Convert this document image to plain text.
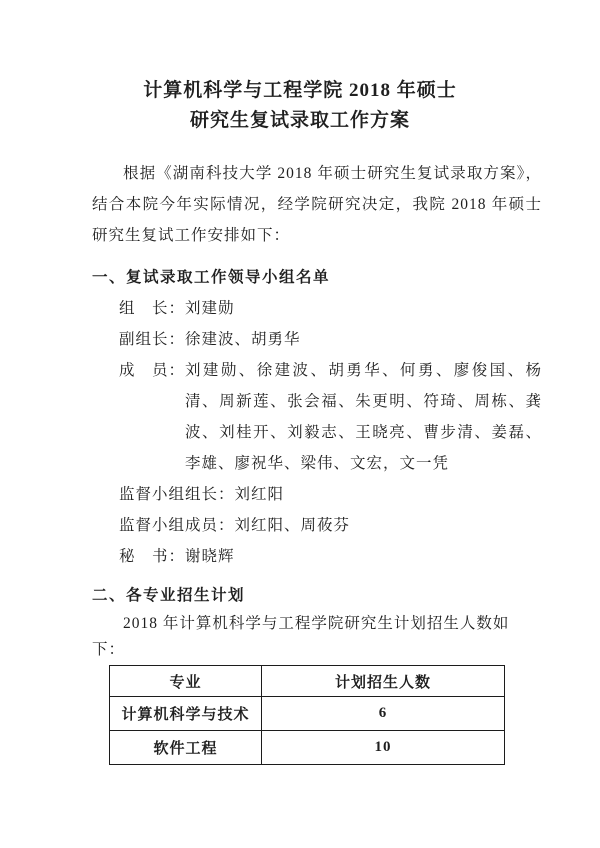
计算机科学与工程学院 2018 年硕士
研究生复试录取工作方案
根据《湖南科技大学 2018 年硕士研究生复试录取方案》，结合本院今年实际情况，经学院研究决定，我院 2018 年硕士研究生复试工作安排如下：
一、复试录取工作领导小组名单
组　长： 刘建勋
副组长： 徐建波、胡勇华
成　员： 刘建勋、徐建波、胡勇华、何勇、廖俊国、杨清、周新莲、张会福、朱更明、符琦、周栋、龚波、刘桂开、刘毅志、王晓亮、曹步清、姜磊、李雄、廖祝华、梁伟、文宏，文一凭
监督小组组长： 刘红阳
监督小组成员： 刘红阳、周莜芬
秘　书： 谢晓辉
二、各专业招生计划
2018 年计算机科学与工程学院研究生计划招生人数如下：
专业	计划招生人数
计算机科学与技术	6
软件工程	10
